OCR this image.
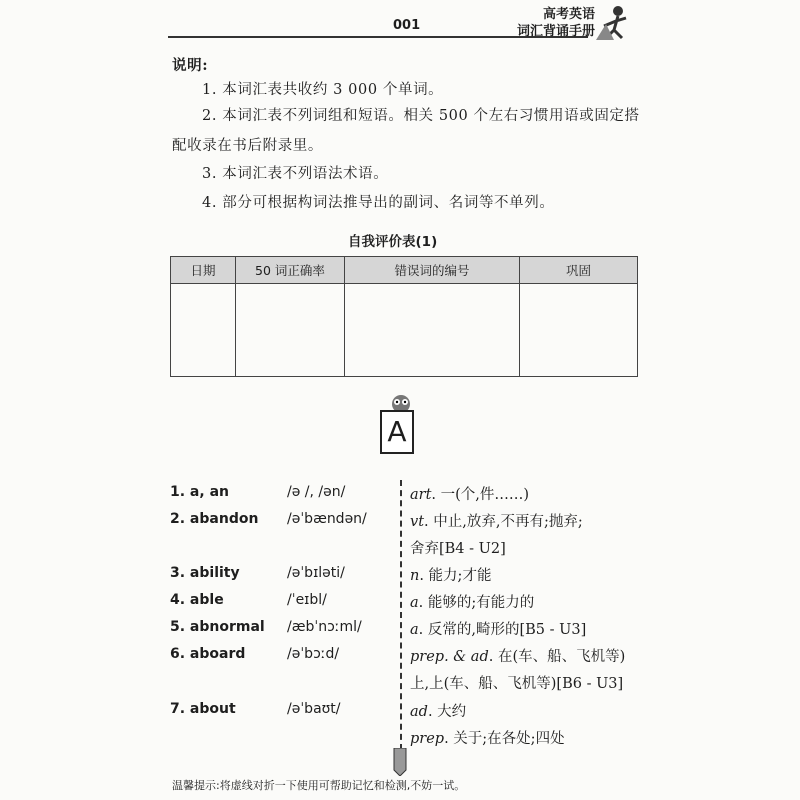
001
高考英语
词汇背诵手册
说明:
1. 本词汇表共收约 3 000 个单词。
2. 本词汇表不列词组和短语。相关 500 个左右习惯用语或固定搭配收录在书后附录里。
3. 本词汇表不列语法术语。
4. 部分可根据构词法推导出的副词、名词等不单列。
自我评价表(1)
日期	50 词正确率	错误词的编号	巩固

A
1. a, an	/ə /, /ən/	art. 一(个,件……)
2. abandon /əˈbændən/	vt. 中止,放弃,不再有;抛弃;
舍弃[B4 - U2]
3. ability	/əˈbɪləti/	n. 能力;才能
4. able	/ˈeɪbl/	a. 能够的;有能力的
5. abnormal /æbˈnɔːml/	a. 反常的,畸形的[B5 - U3]
6. aboard	/əˈbɔːd/	prep. & ad. 在(车、船、飞机等)
上,上(车、船、飞机等)[B6 - U3]
7. about	/əˈbaʊt/	ad. 大约
prep. 关于;在各处;四处
温馨提示:将虚线对折一下使用可帮助记忆和检测,不妨一试。
